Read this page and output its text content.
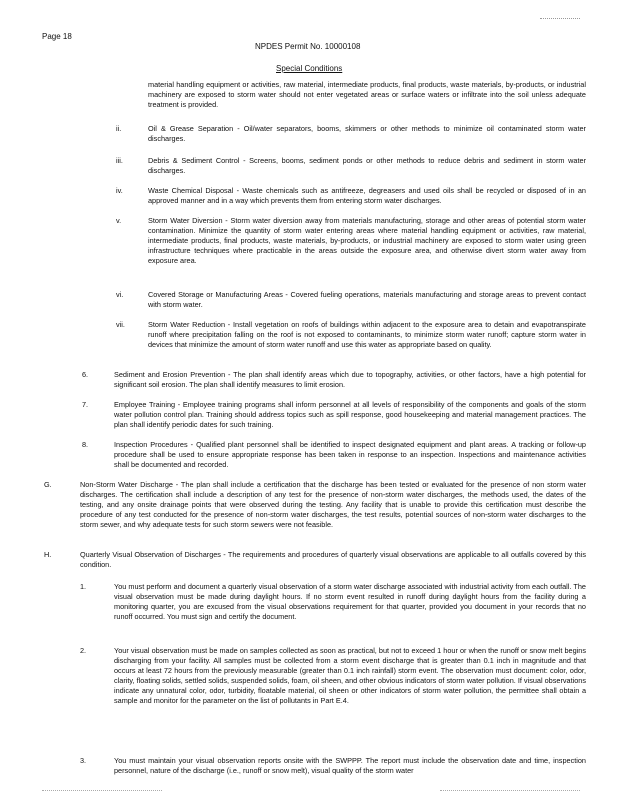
Page 18
NPDES Permit No. 10000108
Special Conditions
material handling equipment or activities, raw material, intermediate products, final products, waste materials, by-products, or industrial machinery are exposed to storm water should not enter vegetated areas or surface waters or infiltrate into the soil unless adequate treatment is provided.
ii.	Oil & Grease Separation - Oil/water separators, booms, skimmers or other methods to minimize oil contaminated storm water discharges.
iii.	Debris & Sediment Control - Screens, booms, sediment ponds or other methods to reduce debris and sediment in storm water discharges.
iv.	Waste Chemical Disposal - Waste chemicals such as antifreeze, degreasers and used oils shall be recycled or disposed of in an approved manner and in a way which prevents them from entering storm water discharges.
v.	Storm Water Diversion - Storm water diversion away from materials manufacturing, storage and other areas of potential storm water contamination. Minimize the quantity of storm water entering areas where material handling equipment or activities, raw material, intermediate products, final products, waste materials, by-products, or industrial machinery are exposed to storm water using green infrastructure techniques where practicable in the areas outside the exposure area, and otherwise divert storm water away from exposure area.
vi.	Covered Storage or Manufacturing Areas - Covered fueling operations, materials manufacturing and storage areas to prevent contact with storm water.
vii.	Storm Water Reduction - Install vegetation on roofs of buildings within adjacent to the exposure area to detain and evapotranspirate runoff where precipitation falling on the roof is not exposed to contaminants, to minimize storm water runoff; capture storm water in devices that minimize the amount of storm water runoff and use this water as appropriate based on quality.
6.	Sediment and Erosion Prevention - The plan shall identify areas which due to topography, activities, or other factors, have a high potential for significant soil erosion. The plan shall identify measures to limit erosion.
7.	Employee Training - Employee training programs shall inform personnel at all levels of responsibility of the components and goals of the storm water pollution control plan. Training should address topics such as spill response, good housekeeping and material management practices. The plan shall identify periodic dates for such training.
8.	Inspection Procedures - Qualified plant personnel shall be identified to inspect designated equipment and plant areas. A tracking or follow-up procedure shall be used to ensure appropriate response has been taken in response to an inspection. Inspections and maintenance activities shall be documented and recorded.
G.	Non-Storm Water Discharge - The plan shall include a certification that the discharge has been tested or evaluated for the presence of non storm water discharges. The certification shall include a description of any test for the presence of non-storm water discharges, the methods used, the dates of the testing, and any onsite drainage points that were observed during the testing. Any facility that is unable to provide this certification must describe the procedure of any test conducted for the presence of non-storm water discharges, the test results, potential sources of non-storm water discharges to the storm sewer, and why adequate tests for such storm sewers were not feasible.
H.	Quarterly Visual Observation of Discharges - The requirements and procedures of quarterly visual observations are applicable to all outfalls covered by this condition.
1.	You must perform and document a quarterly visual observation of a storm water discharge associated with industrial activity from each outfall. The visual observation must be made during daylight hours. If no storm event resulted in runoff during daylight hours from the facility during a monitoring quarter, you are excused from the visual observations requirement for that quarter, provided you document in your records that no runoff occurred. You must sign and certify the document.
2.	Your visual observation must be made on samples collected as soon as practical, but not to exceed 1 hour or when the runoff or snow melt begins discharging from your facility. All samples must be collected from a storm event discharge that is greater than 0.1 inch in magnitude and that occurs at least 72 hours from the previously measurable (greater than 0.1 inch rainfall) storm event. The observation must document: color, odor, clarity, floating solids, settled solids, suspended solids, foam, oil sheen, and other obvious indicators of storm water pollution. If visual observations indicate any unnatural color, odor, turbidity, floatable material, oil sheen or other indicators of storm water pollution, the permittee shall obtain a sample and monitor for the parameter on the list of pollutants in Part E.4.
3.	You must maintain your visual observation reports onsite with the SWPPP. The report must include the observation date and time, inspection personnel, nature of the discharge (i.e., runoff or snow melt), visual quality of the storm water
